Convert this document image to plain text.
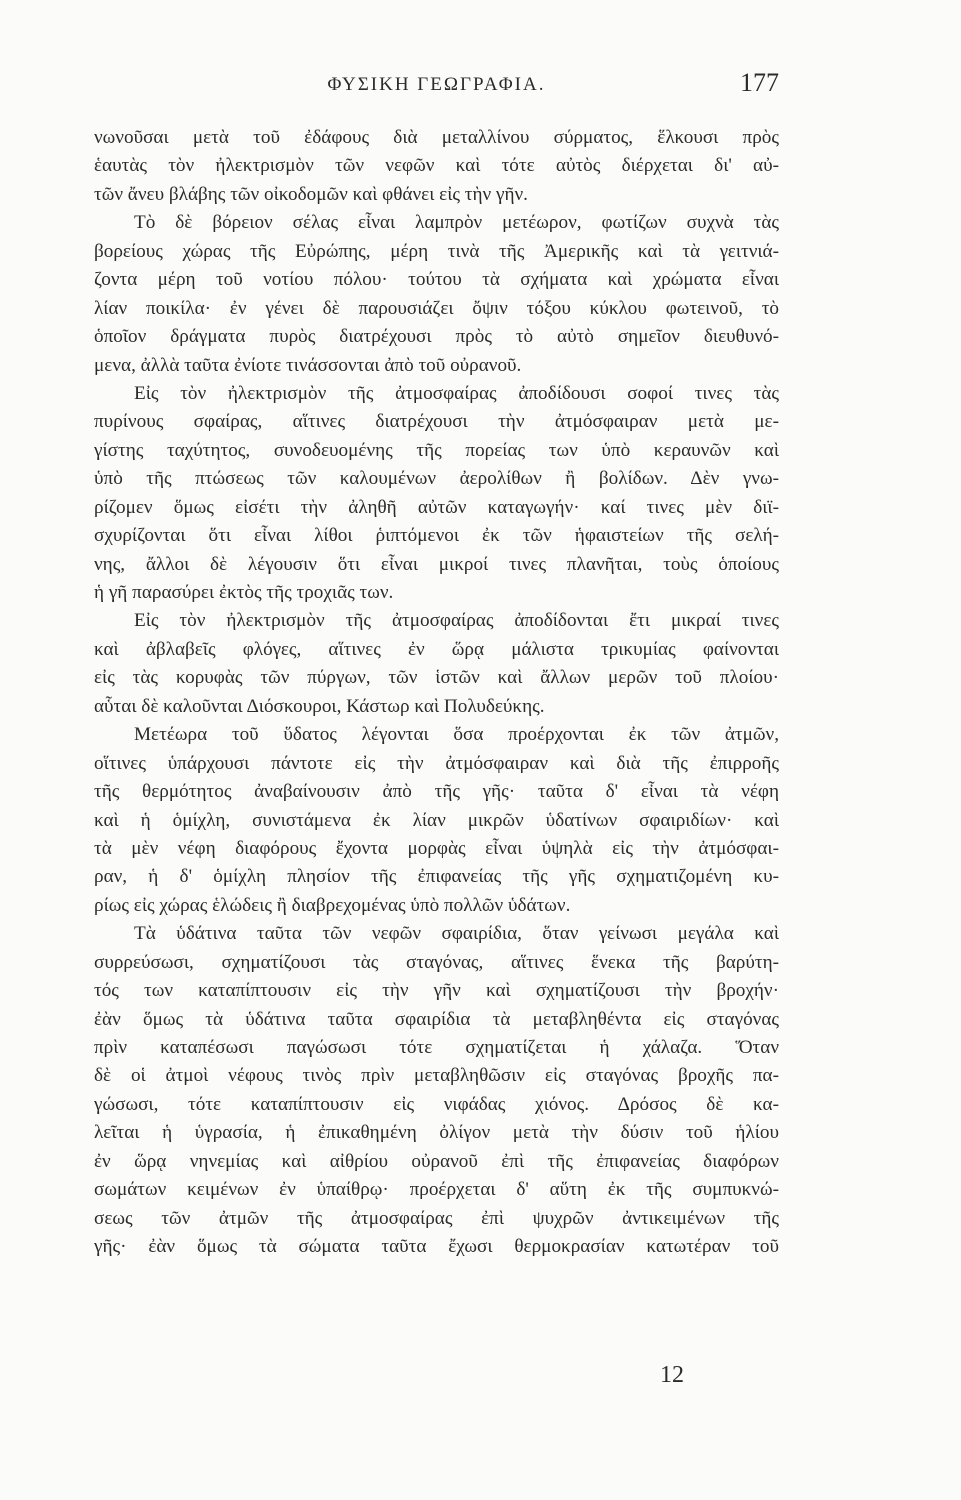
ΦΥΣΙΚΗ ΓΕΩΓΡΑΦΙΑ.	177
νωνοῦσαι μετὰ τοῦ ἐδάφους διὰ μεταλλίνου σύρματος, ἕλκουσι πρὸς
ἑαυτὰς τὸν ἠλεκτρισμὸν τῶν νεφῶν καὶ τότε αὐτὸς διέρχεται δι' αὐ-
τῶν ἄνευ βλάβης τῶν οἰκοδομῶν καὶ φθάνει εἰς τὴν γῆν.
Τὸ δὲ βόρειον σέλας εἶναι λαμπρὸν μετέωρον, φωτίζων συχνὰ τὰς
βορείους χώρας τῆς Εὐρώπης, μέρη τινὰ τῆς Ἀμερικῆς καὶ τὰ γειτνιά-
ζοντα μέρη τοῦ νοτίου πόλου· τούτου τὰ σχήματα καὶ χρώματα εἶναι
λίαν ποικίλα· ἐν γένει δὲ παρουσιάζει ὄψιν τόξου κύκλου φωτεινοῦ, τὸ
ὁποῖον δράγματα πυρὸς διατρέχουσι πρὸς τὸ αὐτὸ σημεῖον διευθυνό-
μενα, ἀλλὰ ταῦτα ἐνίοτε τινάσσονται ἀπὸ τοῦ οὐρανοῦ.
Εἰς τὸν ἠλεκτρισμὸν τῆς ἀτμοσφαίρας ἀποδίδουσι σοφοί τινες τὰς
πυρίνους σφαίρας, αἵτινες διατρέχουσι τὴν ἀτμόσφαιραν μετὰ με-
γίστης ταχύτητος, συνοδευομένης τῆς πορείας των ὑπὸ κεραυνῶν καὶ
ὑπὸ τῆς πτώσεως τῶν καλουμένων ἀερολίθων ἢ βολίδων. Δὲν γνω-
ρίζομεν ὅμως εἰσέτι τὴν ἀληθῆ αὐτῶν καταγωγήν· καί τινες μὲν διϊ-
σχυρίζονται ὅτι εἶναι λίθοι ῥιπτόμενοι ἐκ τῶν ἡφαιστείων τῆς σελή-
νης, ἄλλοι δὲ λέγουσιν ὅτι εἶναι μικροί τινες πλανῆται, τοὺς ὁποίους
ἡ γῆ παρασύρει ἐκτὸς τῆς τροχιᾶς των.
Εἰς τὸν ἠλεκτρισμὸν τῆς ἀτμοσφαίρας ἀποδίδονται ἔτι μικραί τινες
καὶ ἀβλαβεῖς φλόγες, αἵτινες ἐν ὥρᾳ μάλιστα τρικυμίας φαίνονται
εἰς τὰς κορυφὰς τῶν πύργων, τῶν ἱστῶν καὶ ἄλλων μερῶν τοῦ πλοίου·
αὗται δὲ καλοῦνται Διόσκουροι, Κάστωρ καὶ Πολυδεύκης.
Μετέωρα τοῦ ὕδατος λέγονται ὅσα προέρχονται ἐκ τῶν ἀτμῶν,
οἵτινες ὑπάρχουσι πάντοτε εἰς τὴν ἀτμόσφαιραν καὶ διὰ τῆς ἐπιρροῆς
τῆς θερμότητος ἀναβαίνουσιν ἀπὸ τῆς γῆς· ταῦτα δ' εἶναι τὰ νέφη
καὶ ἡ ὁμίχλη, συνιστάμενα ἐκ λίαν μικρῶν ὑδατίνων σφαιριδίων· καὶ
τὰ μὲν νέφη διαφόρους ἔχοντα μορφὰς εἶναι ὑψηλὰ εἰς τὴν ἀτμόσφαι-
ραν, ἡ δ' ὁμίχλη πλησίον τῆς ἐπιφανείας τῆς γῆς σχηματιζομένη κυ-
ρίως εἰς χώρας ἑλώδεις ἢ διαβρεχομένας ὑπὸ πολλῶν ὑδάτων.
Τὰ ὑδάτινα ταῦτα τῶν νεφῶν σφαιρίδια, ὅταν γείνωσι μεγάλα καὶ
συρρεύσωσι, σχηματίζουσι τὰς σταγόνας, αἵτινες ἕνεκα τῆς βαρύτη-
τός των καταπίπτουσιν εἰς τὴν γῆν καὶ σχηματίζουσι τὴν βροχήν·
ἐὰν ὅμως τὰ ὑδάτινα ταῦτα σφαιρίδια τὰ μεταβληθέντα εἰς σταγόνας
πρὶν καταπέσωσι παγώσωσι τότε σχηματίζεται ἡ χάλαζα. Ὅταν
δὲ οἱ ἀτμοὶ νέφους τινὸς πρὶν μεταβληθῶσιν εἰς σταγόνας βροχῆς πα-
γώσωσι, τότε καταπίπτουσιν εἰς νιφάδας χιόνος. Δρόσος δὲ κα-
λεῖται ἡ ὑγρασία, ἡ ἐπικαθημένη ὀλίγον μετὰ τὴν δύσιν τοῦ ἡλίου
ἐν ὥρᾳ νηνεμίας καὶ αἰθρίου οὐρανοῦ ἐπὶ τῆς ἐπιφανείας διαφόρων
σωμάτων κειμένων ἐν ὑπαίθρῳ· προέρχεται δ' αὕτη ἐκ τῆς συμπυκνώ-
σεως τῶν ἀτμῶν τῆς ἀτμοσφαίρας ἐπὶ ψυχρῶν ἀντικειμένων τῆς
γῆς· ἐὰν ὅμως τὰ σώματα ταῦτα ἔχωσι θερμοκρασίαν κατωτέραν τοῦ
12
